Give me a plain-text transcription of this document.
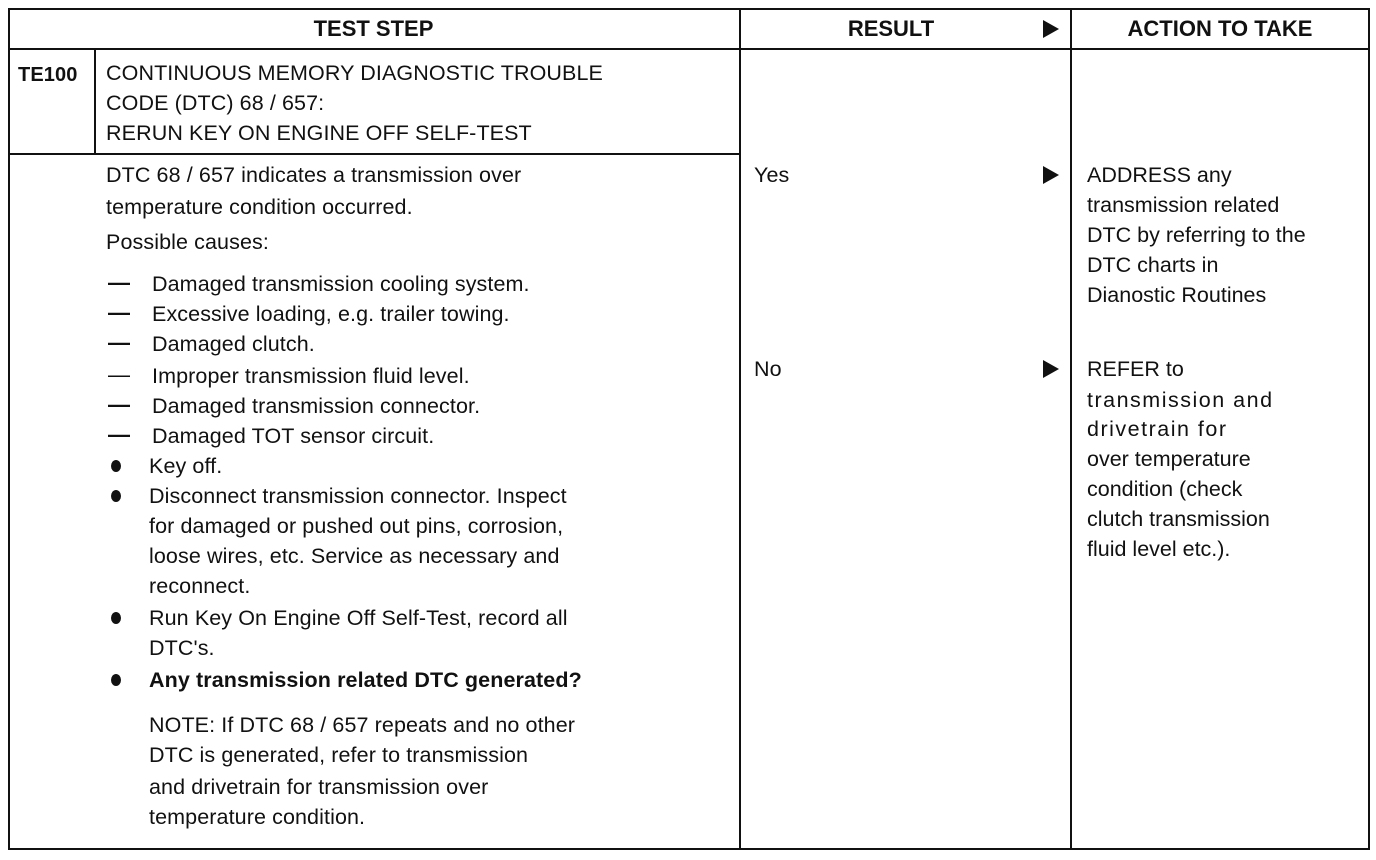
TEST STEP	RESULT	ACTION TO TAKE
TE100 CONTINUOUS MEMORY DIAGNOSTIC TROUBLE
CODE (DTC) 68 / 657:
RERUN KEY ON ENGINE OFF SELF-TEST
DTC 68 / 657 indicates a transmission over
temperature condition occurred.
Possible causes:
— Damaged transmission cooling system.
— Excessive loading, e.g. trailer towing.
— Damaged clutch.
— Improper transmission fluid level.
— Damaged transmission connector.
— Damaged TOT sensor circuit.
Key off.
Disconnect transmission connector. Inspect
for damaged or pushed out pins, corrosion,
loose wires, etc. Service as necessary and
reconnect.
Run Key On Engine Off Self-Test, record all
DTC's.
Any transmission related DTC generated?
NOTE: If DTC 68 / 657 repeats and no other
DTC is generated, refer to transmission
and drivetrain for transmission over
temperature condition.
Yes
No
ADDRESS any
transmission related
DTC by referring to the
DTC charts in
Dianostic Routines
REFER to
transmission and
drivetrain for
over temperature
condition (check
clutch transmission
fluid level etc.).
